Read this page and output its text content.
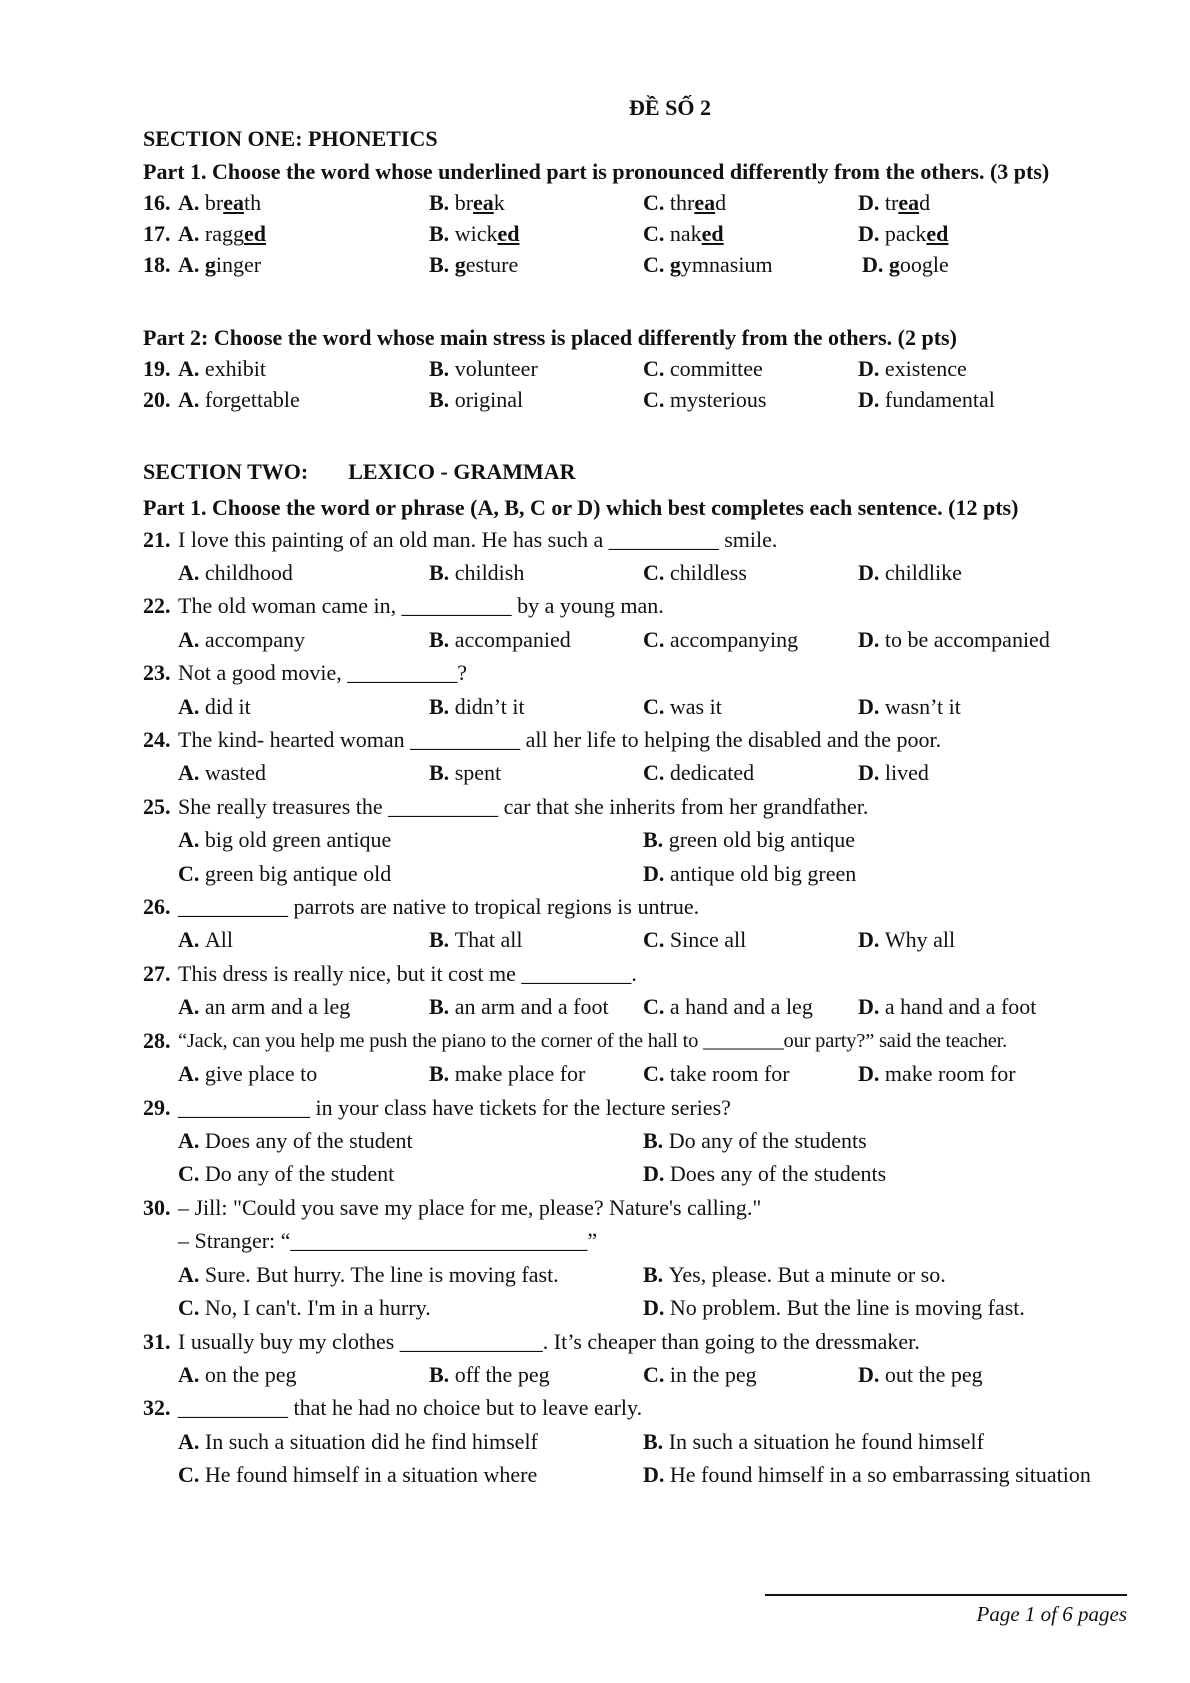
ĐỀ SỐ 2
SECTION ONE: PHONETICS
Part 1. Choose the word whose underlined part is pronounced differently from the others. (3 pts)
Part 2: Choose the word whose main stress is placed differently from the others. (2 pts)
SECTION TWO: LEXICO - GRAMMAR
Part 1. Choose the word or phrase (A, B, C or D) which best completes each sentence. (12 pts)
Page 1 of 6 pages
16. A. breath	B. break	C. thread	D. tread
17. A. ragged	B. wicked	C. naked	D. packed
18. A. ginger	B. gesture	C. gymnasium	D. google
19. A. exhibit	B. volunteer	C. committee	D. existence
20. A. forgettable	B. original	C. mysterious	D. fundamental
21. I love this painting of an old man. He has such a __________ smile.
A. childhood	B. childish	C. childless	D. childlike
22. The old woman came in, __________ by a young man.
A. accompany	B. accompanied	C. accompanying	D. to be accompanied
23. Not a good movie, __________?
A. did it	B. didn’t it	C. was it	D. wasn’t it
24. The kind- hearted woman __________ all her life to helping the disabled and the poor.
A. wasted	B. spent	C. dedicated	D. lived
25. She really treasures the __________ car that she inherits from her grandfather.
A. big old green antique	B. green old big antique
C. green big antique old	D. antique old big green
26. __________ parrots are native to tropical regions is untrue.
A. All	B. That all	C. Since all	D. Why all
27. This dress is really nice, but it cost me __________.
A. an arm and a leg	B. an arm and a foot C. a hand and a leg D. a hand and a foot
28. “Jack, can you help me push the piano to the corner of the hall to ________our party?” said the teacher.
A. give place to	B. make place for	C. take room for	D. make room for
29. ____________ in your class have tickets for the lecture series?
A. Does any of the student	B. Do any of the students
C. Do any of the student	D. Does any of the students
30. – Jill: "Could you save my place for me, please? Nature's calling."
– Stranger: “___________________________”
A. Sure. But hurry. The line is moving fast.	B. Yes, please. But a minute or so.
C. No, I can't. I'm in a hurry.	D. No problem. But the line is moving fast.
31. I usually buy my clothes _____________. It’s cheaper than going to the dressmaker.
A. on the peg	B. off the peg	C. in the peg	D. out the peg
32. __________ that he had no choice but to leave early.
A. In such a situation did he find himself	B. In such a situation he found himself
C. He found himself in a situation where	D. He found himself in a so embarrassing situation
